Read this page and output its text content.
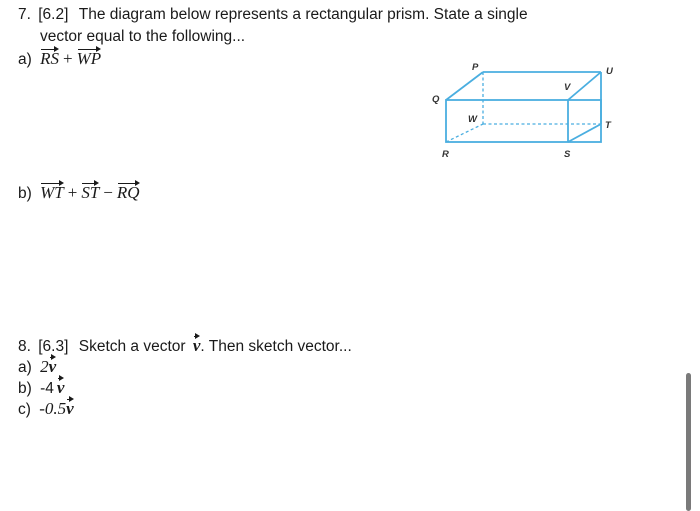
7. [6.2] The diagram below represents a rectangular prism. State a single
vector equal to the following...
a) RS + WP	P
Q
U
V
W
T
R	S
b) WT + ST − RQ
8. [6.3] Sketch a vector v. Then sketch vector...
a) 2v
b) -4 v
c) -0.5v
